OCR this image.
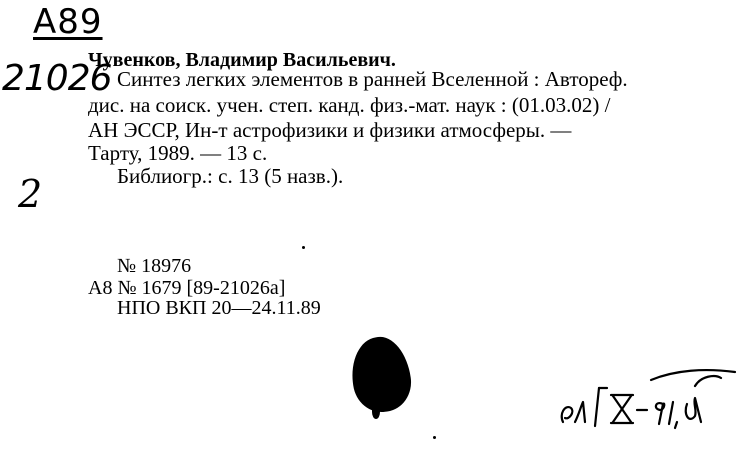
А89
21026
2
Чувенков, Владимир Васильевич.
Синтез легких элементов в ранней Вселенной : Автореф.
дис. на соиск. учен. степ. канд. физ.-мат. наук : (01.03.02) /
АН ЭССР, Ин-т астрофизики и физики атмосферы. —
Тарту, 1989. — 13 с.
Библиогр.: с. 13 (5 назв.).
№ 18976
А8 № 1679 [89-21026а]
НПО ВКП 20—24.11.89
